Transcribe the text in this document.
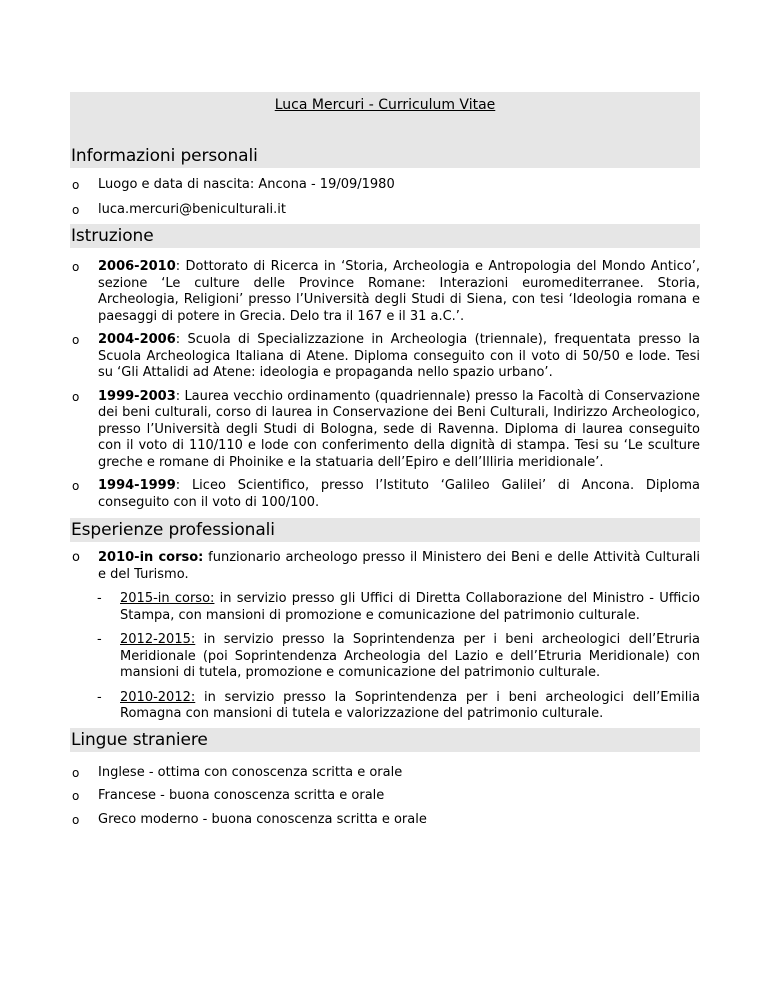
Luca Mercuri - Curriculum Vitae
Informazioni personali
o Luogo e data di nascita: Ancona - 19/09/1980
o luca.mercuri@beniculturali.it
Istruzione
o 2006-2010: Dottorato di Ricerca in ‘Storia, Archeologia e Antropologia del Mondo Antico’, sezione ‘Le culture delle Province Romane: Interazioni euromediterranee. Storia, Archeologia, Religioni’ presso l’Università degli Studi di Siena, con tesi ‘Ideologia romana e paesaggi di potere in Grecia. Delo tra il 167 e il 31 a.C.’.
o 2004-2006: Scuola di Specializzazione in Archeologia (triennale), frequentata presso la Scuola Archeologica Italiana di Atene. Diploma conseguito con il voto di 50/50 e lode. Tesi su ‘Gli Attalidi ad Atene: ideologia e propaganda nello spazio urbano’.
o 1999-2003: Laurea vecchio ordinamento (quadriennale) presso la Facoltà di Conservazione dei beni culturali, corso di laurea in Conservazione dei Beni Culturali, Indirizzo Archeologico, presso l’Università degli Studi di Bologna, sede di Ravenna. Diploma di laurea conseguito con il voto di 110/110 e lode con conferimento della dignità di stampa. Tesi su ‘Le sculture greche e romane di Phoinike e la statuaria dell’Epiro e dell’Illiria meridionale’.
o 1994-1999: Liceo Scientifico, presso l’Istituto ‘Galileo Galilei’ di Ancona. Diploma conseguito con il voto di 100/100.
Esperienze professionali
o 2010-in corso: funzionario archeologo presso il Ministero dei Beni e delle Attività Culturali e del Turismo.
- 2015-in corso: in servizio presso gli Uffici di Diretta Collaborazione del Ministro - Ufficio Stampa, con mansioni di promozione e comunicazione del patrimonio culturale.
- 2012-2015: in servizio presso la Soprintendenza per i beni archeologici dell’Etruria Meridionale (poi Soprintendenza Archeologia del Lazio e dell’Etruria Meridionale) con mansioni di tutela, promozione e comunicazione del patrimonio culturale.
- 2010-2012: in servizio presso la Soprintendenza per i beni archeologici dell’Emilia Romagna con mansioni di tutela e valorizzazione del patrimonio culturale.
Lingue straniere
o Inglese - ottima con conoscenza scritta e orale
o Francese - buona conoscenza scritta e orale
o Greco moderno - buona conoscenza scritta e orale
